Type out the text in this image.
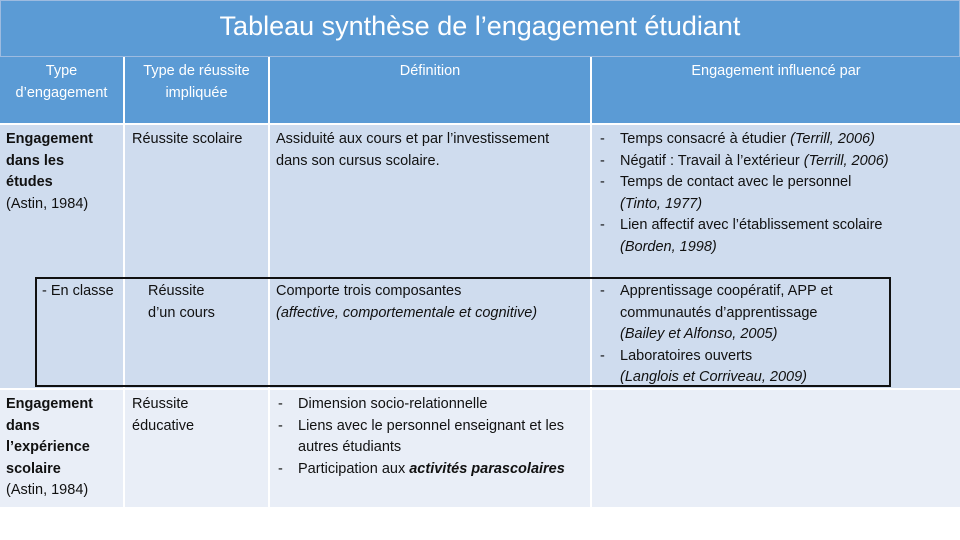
Tableau synthèse de l’engagement étudiant
Type d’engagement
Type de réussite impliquée
Définition	Engagement influencé par
Engagement
dans les
études
(Astin, 1984)
Réussite scolaire	Assiduité aux cours et par l’investissement dans son cursus scolaire.
- Temps consacré à étudier (Terrill, 2006)
- Négatif : Travail à l’extérieur (Terrill, 2006)
- Temps de contact avec le personnel
(Tinto, 1977)
- Lien affectif avec l’établissement scolaire
(Borden, 1998)
- En classe Réussite
d’un cours
Comporte trois composantes
(affective, comportementale et cognitive)
- Apprentissage coopératif, APP et communautés d’apprentissage
(Bailey et Alfonso, 2005)
- Laboratoires ouverts
(Langlois et Corriveau, 2009)
Engagement
dans
l’expérience
scolaire
(Astin, 1984)
Réussite
éducative
- Dimension socio-relationnelle
- Liens avec le personnel enseignant et les autres étudiants
- Participation aux activités parascolaires
